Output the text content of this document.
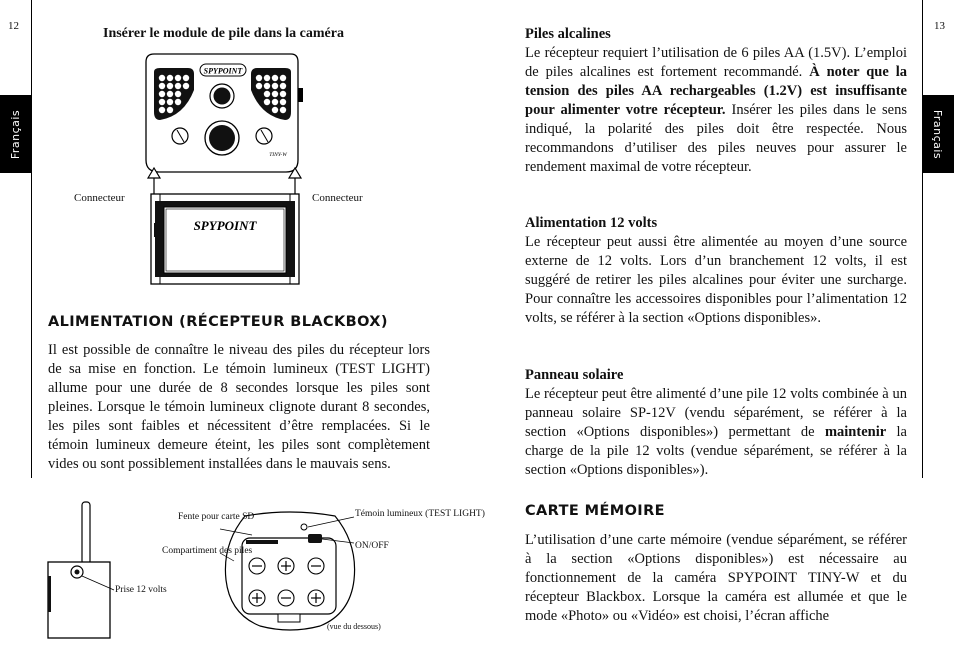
12
Français
Insérer le module de pile dans la caméra
SPYPOINT
TINY-W
Connecteur	Connecteur
SPYPOINT
ALIMENTATION (RÉCEPTEUR BLACKBOX)

Il est possible de connaître le niveau des piles du récepteur lors de sa mise en fonction. Le témoin lumineux (TEST LIGHT) allume pour une durée de 8 secondes lorsque les piles sont pleines. Lorsque le témoin lumineux clignote durant 8 secondes, les piles sont faibles et nécessitent d’être remplacées. Si le témoin lumineux demeure éteint, les piles sont complètement vides ou sont possiblement installées dans le mauvais sens.

Prise 12 volts
Fente pour carte SD
Compartiment des piles
Témoin lumineux (TEST LIGHT)
ON/OFF
(vue du dessous)
13
Français

Piles alcalines

Le récepteur requiert l’utilisation de 6 piles AA (1.5V). L’emploi de piles alcalines est fortement recommandé. À noter que la tension des piles AA rechargeables (1.2V) est insuffisante pour alimenter votre récepteur. Insérer les piles dans le sens indiqué, la polarité des piles doit être respectée. Nous recommandons d’utiliser des piles neuves pour assurer le rendement maximal de votre récepteur.

Alimentation 12 volts

Le récepteur peut aussi être alimentée au moyen d’une source externe de 12 volts. Lors d’un branchement 12 volts, il est suggéré de retirer les piles alcalines pour éviter une surcharge. Pour connaître les accessoires disponibles pour l’alimentation 12 volts, se référer à la section «Options disponibles».

Panneau solaire

Le récepteur peut être alimenté d’une pile 12 volts combinée à un panneau solaire SP-12V (vendu séparément, se référer à la section «Options disponibles») permettant de maintenir la charge de la pile 12 volts (vendue séparément, se référer à la section «Options disponibles»).

CARTE MÉMOIRE

L’utilisation d’une carte mémoire (vendue séparément, se référer à la section «Options disponibles») est nécessaire au fonctionnement de la caméra SPYPOINT TINY-W et du récepteur Blackbox. Lorsque la caméra est allumée et que le mode «Photo» ou «Vidéo» est choisi, l’écran affiche
